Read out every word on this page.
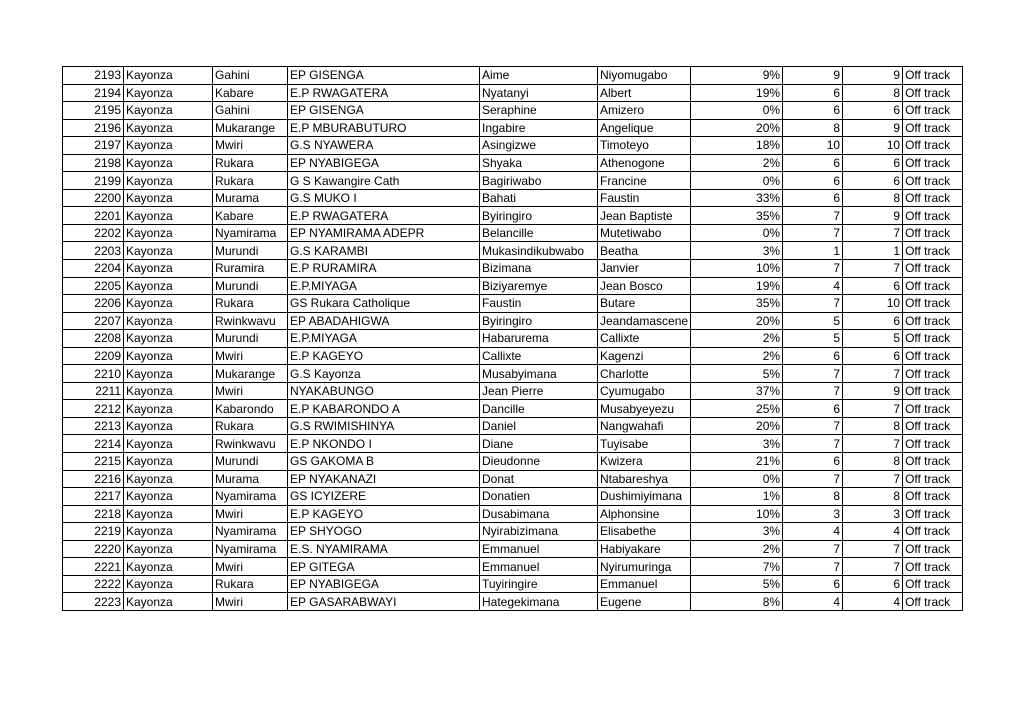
2193	Kayonza	Gahini	EP GISENGA	Aime	Niyomugabo	9%	9	9	Off track
2194	Kayonza	Kabare	E.P RWAGATERA	Nyatanyi	Albert	19%	6	8	Off track
2195	Kayonza	Gahini	EP GISENGA	Seraphine	Amizero	0%	6	6	Off track
2196	Kayonza	Mukarange	E.P MBURABUTURO	Ingabire	Angelique	20%	8	9	Off track
2197	Kayonza	Mwiri	G.S NYAWERA	Asingizwe	Timoteyo	18%	10	10	Off track
2198	Kayonza	Rukara	EP NYABIGEGA	Shyaka	Athenogone	2%	6	6	Off track
2199	Kayonza	Rukara	G S Kawangire Cath	Bagiriwabo	Francine	0%	6	6	Off track
2200	Kayonza	Murama	G.S MUKO I	Bahati	Faustin	33%	6	8	Off track
2201	Kayonza	Kabare	E.P RWAGATERA	Byiringiro	Jean Baptiste	35%	7	9	Off track
2202	Kayonza	Nyamirama	EP NYAMIRAMA ADEPR	Belancille	Mutetiwabo	0%	7	7	Off track
2203	Kayonza	Murundi	G.S KARAMBI	Mukasindikubwabo	Beatha	3%	1	1	Off track
2204	Kayonza	Ruramira	E.P RURAMIRA	Bizimana	Janvier	10%	7	7	Off track
2205	Kayonza	Murundi	E.P.MIYAGA	Biziyaremye	Jean Bosco	19%	4	6	Off track
2206	Kayonza	Rukara	GS Rukara Catholique	Faustin	Butare	35%	7	10	Off track
2207	Kayonza	Rwinkwavu	EP ABADAHIGWA	Byiringiro	Jeandamascene	20%	5	6	Off track
2208	Kayonza	Murundi	E.P.MIYAGA	Habarurema	Callixte	2%	5	5	Off track
2209	Kayonza	Mwiri	E.P KAGEYO	Callixte	Kagenzi	2%	6	6	Off track
2210	Kayonza	Mukarange	G.S Kayonza	Musabyimana	Charlotte	5%	7	7	Off track
2211	Kayonza	Mwiri	NYAKABUNGO	Jean Pierre	Cyumugabo	37%	7	9	Off track
2212	Kayonza	Kabarondo	E.P KABARONDO A	Dancille	Musabyeyezu	25%	6	7	Off track
2213	Kayonza	Rukara	G.S RWIMISHINYA	Daniel	Nangwahafi	20%	7	8	Off track
2214	Kayonza	Rwinkwavu	E.P NKONDO I	Diane	Tuyisabe	3%	7	7	Off track
2215	Kayonza	Murundi	GS GAKOMA B	Dieudonne	Kwizera	21%	6	8	Off track
2216	Kayonza	Murama	EP NYAKANAZI	Donat	Ntabareshya	0%	7	7	Off track
2217	Kayonza	Nyamirama	GS ICYIZERE	Donatien	Dushimiyimana	1%	8	8	Off track
2218	Kayonza	Mwiri	E.P KAGEYO	Dusabimana	Alphonsine	10%	3	3	Off track
2219	Kayonza	Nyamirama	EP SHYOGO	Nyirabizimana	Elisabethe	3%	4	4	Off track
2220	Kayonza	Nyamirama	E.S. NYAMIRAMA	Emmanuel	Habiyakare	2%	7	7	Off track
2221	Kayonza	Mwiri	EP GITEGA	Emmanuel	Nyirumuringa	7%	7	7	Off track
2222	Kayonza	Rukara	EP NYABIGEGA	Tuyiringire	Emmanuel	5%	6	6	Off track
2223	Kayonza	Mwiri	EP GASARABWAYI	Hategekimana	Eugene	8%	4	4	Off track
